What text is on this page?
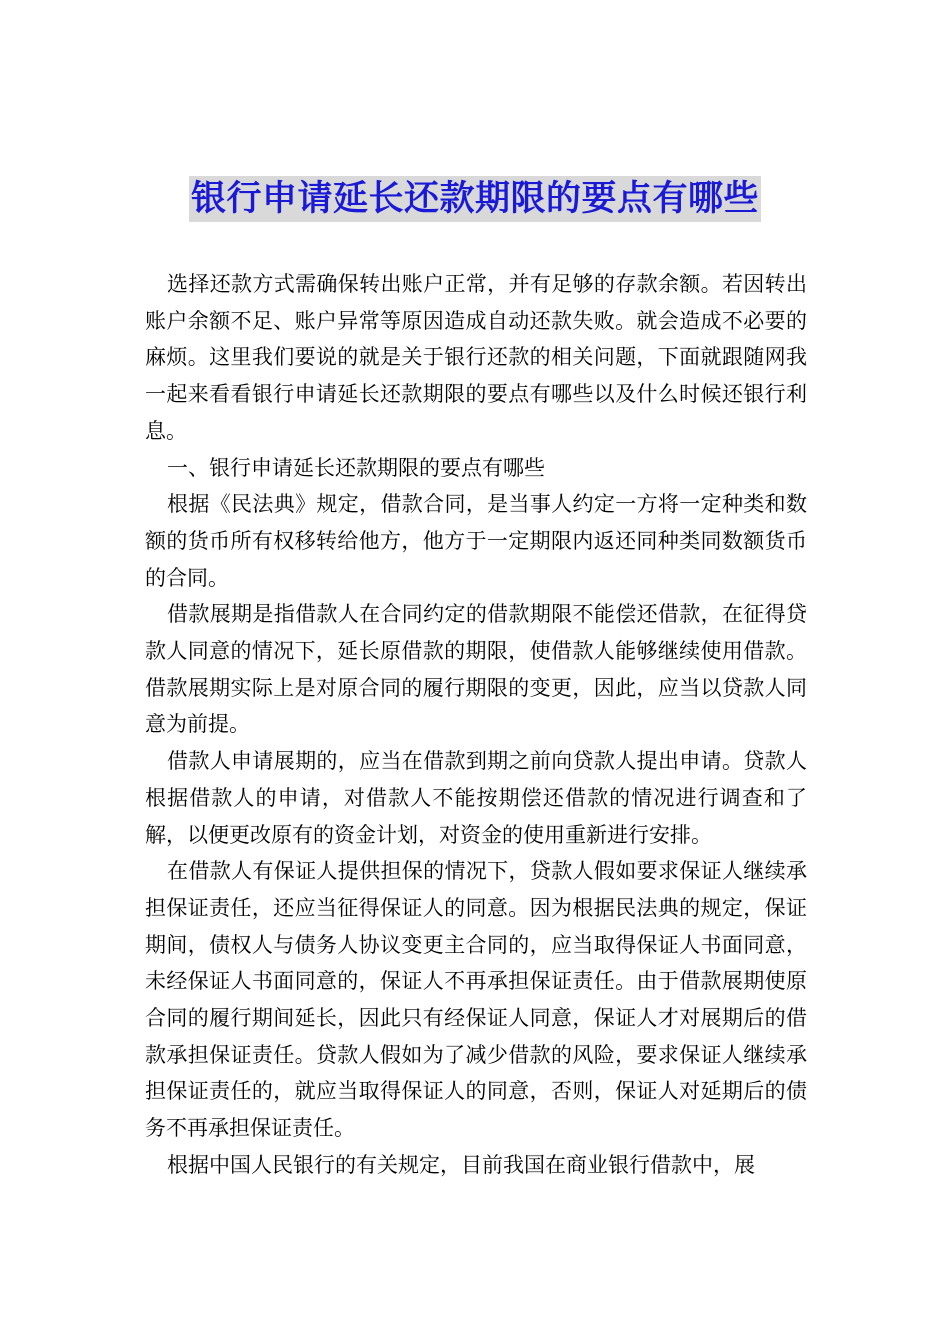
银行申请延长还款期限的要点有哪些

选择还款方式需确保转出账户正常，并有足够的存款余额。若因转出账户余额不足、账户异常等原因造成自动还款失败。就会造成不必要的麻烦。这里我们要说的就是关于银行还款的相关问题，下面就跟随网我一起来看看银行申请延长还款期限的要点有哪些以及什么时候还银行利息。

一、银行申请延长还款期限的要点有哪些

根据《民法典》规定，借款合同，是当事人约定一方将一定种类和数额的货币所有权移转给他方，他方于一定期限内返还同种类同数额货币的合同。

借款展期是指借款人在合同约定的借款期限不能偿还借款，在征得贷款人同意的情况下，延长原借款的期限，使借款人能够继续使用借款。借款展期实际上是对原合同的履行期限的变更，因此，应当以贷款人同意为前提。

借款人申请展期的，应当在借款到期之前向贷款人提出申请。贷款人根据借款人的申请，对借款人不能按期偿还借款的情况进行调查和了解，以便更改原有的资金计划，对资金的使用重新进行安排。

在借款人有保证人提供担保的情况下，贷款人假如要求保证人继续承担保证责任，还应当征得保证人的同意。因为根据民法典的规定，保证期间，债权人与债务人协议变更主合同的，应当取得保证人书面同意，未经保证人书面同意的，保证人不再承担保证责任。由于借款展期使原合同的履行期间延长，因此只有经保证人同意，保证人才对展期后的借款承担保证责任。贷款人假如为了减少借款的风险，要求保证人继续承担保证责任的，就应当取得保证人的同意，否则，保证人对延期后的债务不再承担保证责任。

根据中国人民银行的有关规定，目前我国在商业银行借款中，展
